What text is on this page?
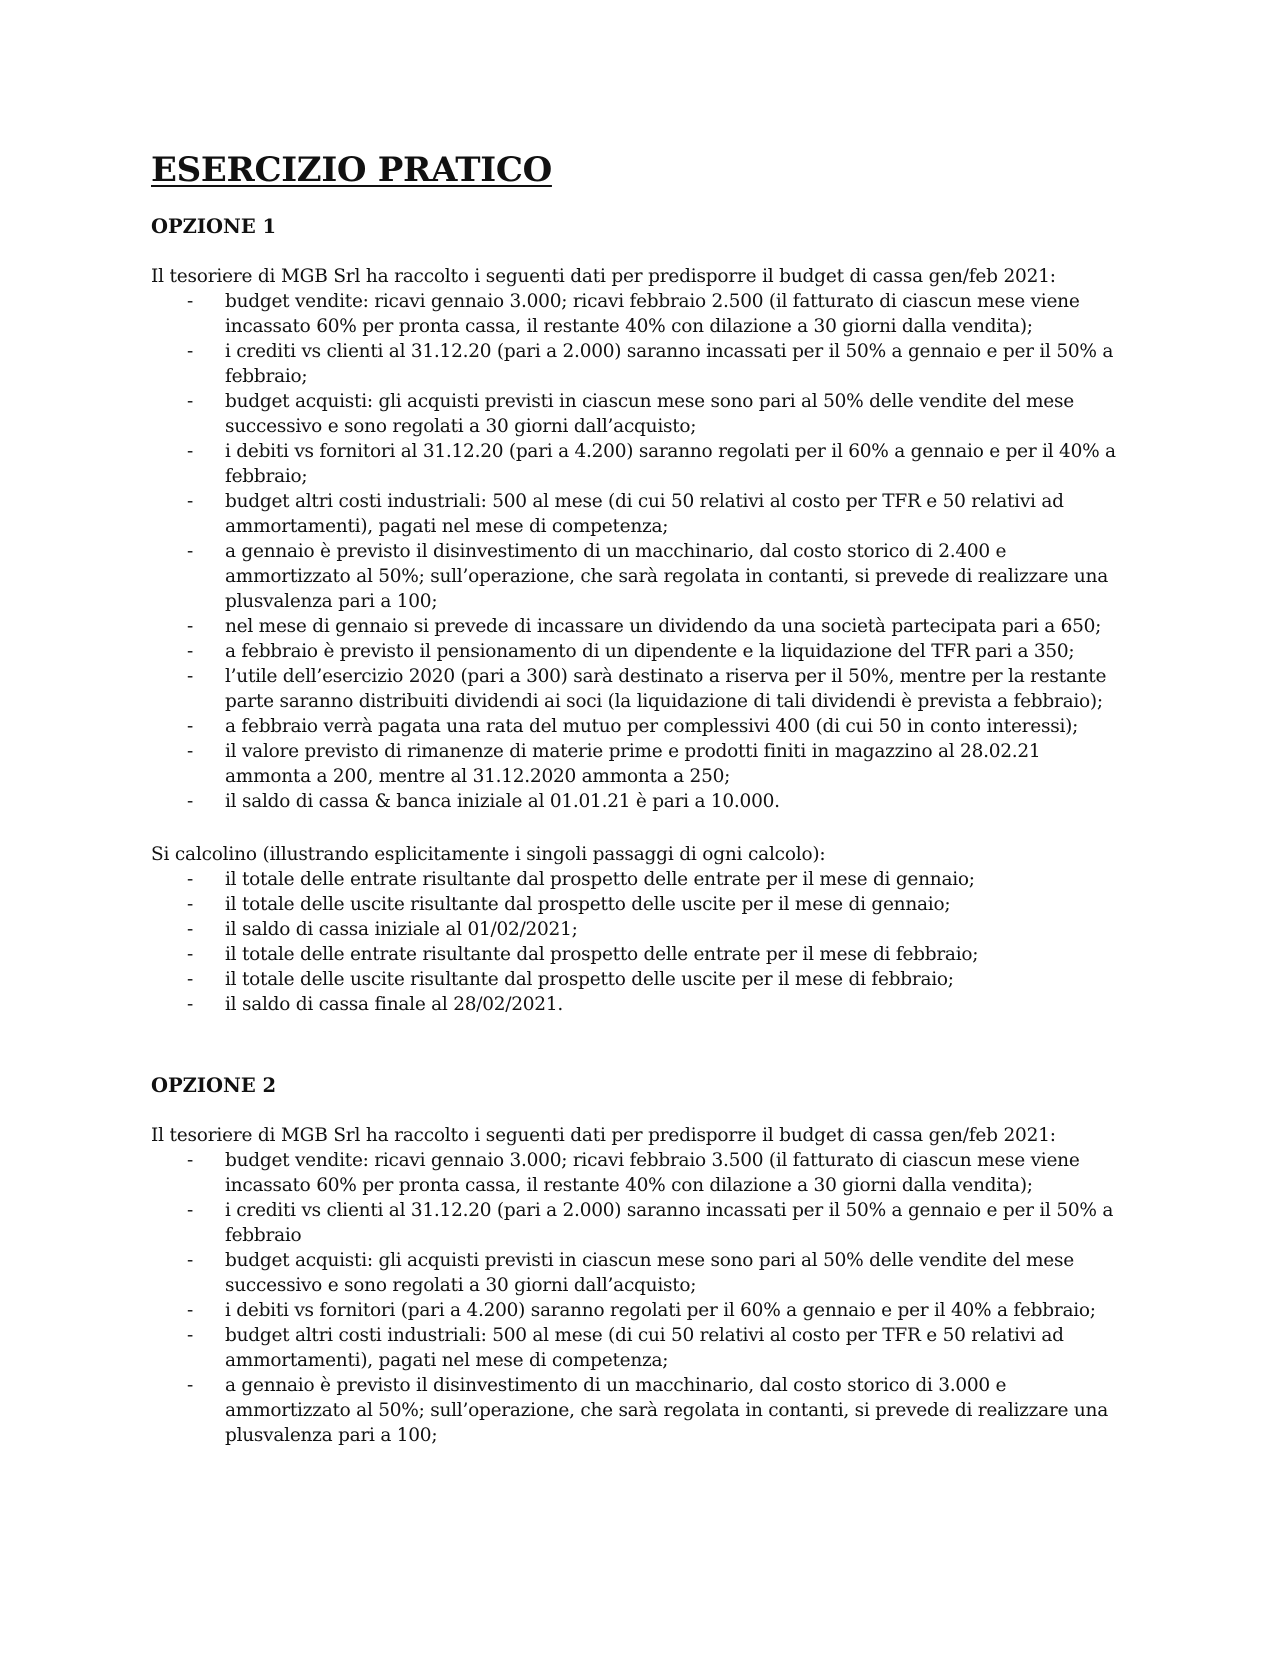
ESERCIZIO PRATICO
OPZIONE 1

Il tesoriere di MGB Srl ha raccolto i seguenti dati per predisporre il budget di cassa gen/feb 2021:

- budget vendite: ricavi gennaio 3.000; ricavi febbraio 2.500 (il fatturato di ciascun mese viene incassato 60% per pronta cassa, il restante 40% con dilazione a 30 giorni dalla vendita);
- i crediti vs clienti al 31.12.20 (pari a 2.000) saranno incassati per il 50% a gennaio e per il 50% a febbraio;
- budget acquisti: gli acquisti previsti in ciascun mese sono pari al 50% delle vendite del mese successivo e sono regolati a 30 giorni dall’acquisto;
- i debiti vs fornitori al 31.12.20 (pari a 4.200) saranno regolati per il 60% a gennaio e per il 40% a febbraio;
- budget altri costi industriali: 500 al mese (di cui 50 relativi al costo per TFR e 50 relativi ad ammortamenti), pagati nel mese di competenza;
- a gennaio è previsto il disinvestimento di un macchinario, dal costo storico di 2.400 e ammortizzato al 50%; sull’operazione, che sarà regolata in contanti, si prevede di realizzare una plusvalenza pari a 100;
- nel mese di gennaio si prevede di incassare un dividendo da una società partecipata pari a 650;
- a febbraio è previsto il pensionamento di un dipendente e la liquidazione del TFR pari a 350;
- l’utile dell’esercizio 2020 (pari a 300) sarà destinato a riserva per il 50%, mentre per la restante parte saranno distribuiti dividendi ai soci (la liquidazione di tali dividendi è prevista a febbraio);
- a febbraio verrà pagata una rata del mutuo per complessivi 400 (di cui 50 in conto interessi);
- il valore previsto di rimanenze di materie prime e prodotti finiti in magazzino al 28.02.21 ammonta a 200, mentre al 31.12.2020 ammonta a 250;
- il saldo di cassa & banca iniziale al 01.01.21 è pari a 10.000.

Si calcolino (illustrando esplicitamente i singoli passaggi di ogni calcolo):

- il totale delle entrate risultante dal prospetto delle entrate per il mese di gennaio;
- il totale delle uscite risultante dal prospetto delle uscite per il mese di gennaio;
- il saldo di cassa iniziale al 01/02/2021;
- il totale delle entrate risultante dal prospetto delle entrate per il mese di febbraio;
- il totale delle uscite risultante dal prospetto delle uscite per il mese di febbraio;
- il saldo di cassa finale al 28/02/2021.
OPZIONE 2

Il tesoriere di MGB Srl ha raccolto i seguenti dati per predisporre il budget di cassa gen/feb 2021:

- budget vendite: ricavi gennaio 3.000; ricavi febbraio 3.500 (il fatturato di ciascun mese viene incassato 60% per pronta cassa, il restante 40% con dilazione a 30 giorni dalla vendita);
- i crediti vs clienti al 31.12.20 (pari a 2.000) saranno incassati per il 50% a gennaio e per il 50% a febbraio
- budget acquisti: gli acquisti previsti in ciascun mese sono pari al 50% delle vendite del mese successivo e sono regolati a 30 giorni dall’acquisto;
- i debiti vs fornitori (pari a 4.200) saranno regolati per il 60% a gennaio e per il 40% a febbraio;
- budget altri costi industriali: 500 al mese (di cui 50 relativi al costo per TFR e 50 relativi ad ammortamenti), pagati nel mese di competenza;
- a gennaio è previsto il disinvestimento di un macchinario, dal costo storico di 3.000 e ammortizzato al 50%; sull’operazione, che sarà regolata in contanti, si prevede di realizzare una plusvalenza pari a 100;
